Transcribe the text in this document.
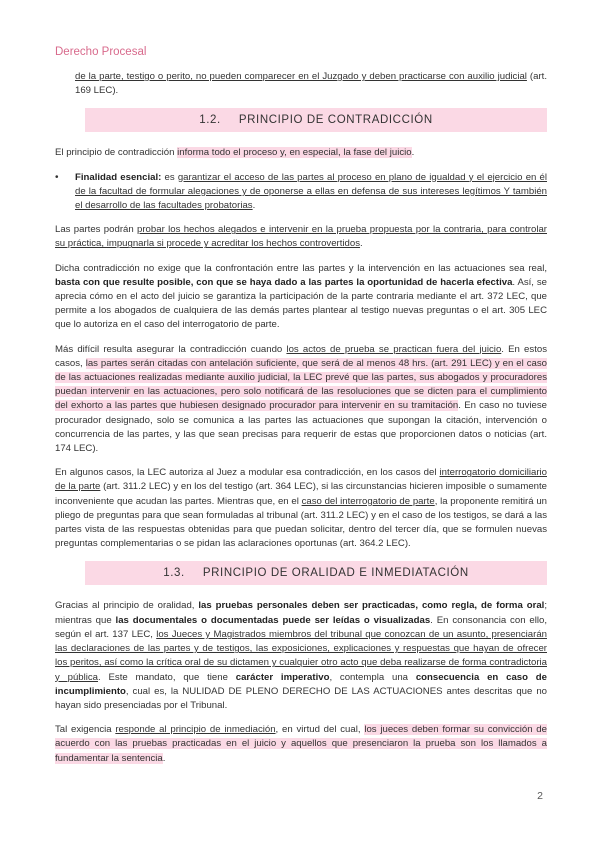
Derecho Procesal

de la parte, testigo o perito, no pueden comparecer en el Juzgado y deben practicarse con auxilio judicial (art. 169 LEC).

1.2. PRINCIPIO DE CONTRADICCIÓN

El principio de contradicción informa todo el proceso y, en especial, la fase del juicio.

• Finalidad esencial: es garantizar el acceso de las partes al proceso en plano de igualdad y el ejercicio en él de la facultad de formular alegaciones y de oponerse a ellas en defensa de sus intereses legítimos Y también el desarrollo de las facultades probatorias.

Las partes podrán probar los hechos alegados e intervenir en la prueba propuesta por la contraria, para controlar su práctica, impugnarla si procede y acreditar los hechos controvertidos.

Dicha contradicción no exige que la confrontación entre las partes y la intervención en las actuaciones sea real, basta con que resulte posible, con que se haya dado a las partes la oportunidad de hacerla efectiva. Así, se aprecia cómo en el acto del juicio se garantiza la participación de la parte contraria mediante el art. 372 LEC, que permite a los abogados de cualquiera de las demás partes plantear al testigo nuevas preguntas o el art. 305 LEC que lo autoriza en el caso del interrogatorio de parte.

Más difícil resulta asegurar la contradicción cuando los actos de prueba se practican fuera del juicio. En estos casos, las partes serán citadas con antelación suficiente, que será de al menos 48 hrs. (art. 291 LEC) y en el caso de las actuaciones realizadas mediante auxilio judicial, la LEC prevé que las partes, sus abogados y procuradores puedan intervenir en las actuaciones, pero solo notificará de las resoluciones que se dicten para el cumplimiento del exhorto a las partes que hubiesen designado procurador para intervenir en su tramitación. En caso no tuviese procurador designado, solo se comunica a las partes las actuaciones que supongan la citación, intervención o concurrencia de las partes, y las que sean precisas para requerir de estas que proporcionen datos o noticias (art. 174 LEC).

En algunos casos, la LEC autoriza al Juez a modular esa contradicción, en los casos del interrogatorio domiciliario de la parte (art. 311.2 LEC) y en los del testigo (art. 364 LEC), si las circunstancias hicieren imposible o sumamente inconveniente que acudan las partes. Mientras que, en el caso del interrogatorio de parte, la proponente remitirá un pliego de preguntas para que sean formuladas al tribunal (art. 311.2 LEC) y en el caso de los testigos, se dará a las partes vista de las respuestas obtenidas para que puedan solicitar, dentro del tercer día, que se formulen nuevas preguntas complementarias o se pidan las aclaraciones oportunas (art. 364.2 LEC).

1.3. PRINCIPIO DE ORALIDAD E INMEDIATACIÓN

Gracias al principio de oralidad, las pruebas personales deben ser practicadas, como regla, de forma oral; mientras que las documentales o documentadas puede ser leídas o visualizadas. En consonancia con ello, según el art. 137 LEC, los Jueces y Magistrados miembros del tribunal que conozcan de un asunto, presenciarán las declaraciones de las partes y de testigos, las exposiciones, explicaciones y respuestas que hayan de ofrecer los peritos, así como la crítica oral de su dictamen y cualquier otro acto que deba realizarse de forma contradictoria y pública. Este mandato, que tiene carácter imperativo, contempla una consecuencia en caso de incumplimiento, cual es, la NULIDAD DE PLENO DERECHO DE LAS ACTUACIONES antes descritas que no hayan sido presenciadas por el Tribunal.

Tal exigencia responde al principio de inmediación, en virtud del cual, los jueces deben formar su convicción de acuerdo con las pruebas practicadas en el juicio y aquellos que presenciaron la prueba son los llamados a fundamentar la sentencia.

2
